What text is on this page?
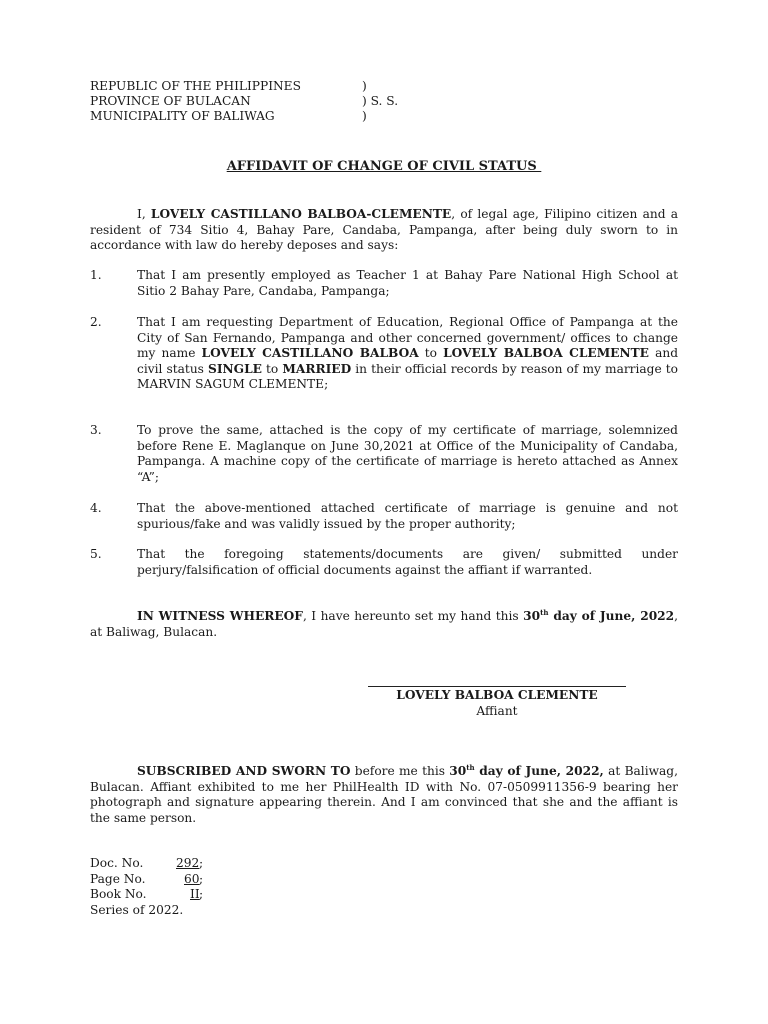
REPUBLIC OF THE PHILIPPINES	)
PROVINCE OF BULACAN	) S. S.
MUNICIPALITY OF BALIWAG	)
AFFIDAVIT OF CHANGE OF CIVIL STATUS
I, LOVELY CASTILLANO BALBOA-CLEMENTE, of legal age, Filipino citizen and a resident of 734 Sitio 4, Bahay Pare, Candaba, Pampanga, after being duly sworn to in accordance with law do hereby deposes and says:
1.	That I am presently employed as Teacher 1 at Bahay Pare National High School at Sitio 2 Bahay Pare, Candaba, Pampanga;
2.	That I am requesting Department of Education, Regional Office of Pampanga at the City of San Fernando, Pampanga and other concerned government/ offices to change my name LOVELY CASTILLANO BALBOA to LOVELY BALBOA CLEMENTE and civil status SINGLE to MARRIED in their official records by reason of my marriage to MARVIN SAGUM CLEMENTE;
3.	To prove the same, attached is the copy of my certificate of marriage, solemnized before Rene E. Maglanque on June 30,2021 at Office of the Municipality of Candaba, Pampanga. A machine copy of the certificate of marriage is hereto attached as Annex “A”;
4.	That the above-mentioned attached certificate of marriage is genuine and not spurious/fake and was validly issued by the proper authority;
5.	That the foregoing statements/documents are given/ submitted under perjury/falsification of official documents against the affiant if warranted.
IN WITNESS WHEREOF, I have hereunto set my hand this 30th day of June, 2022, at Baliwag, Bulacan.
LOVELY BALBOA CLEMENTE
Affiant
SUBSCRIBED AND SWORN TO before me this 30th day of June, 2022, at Baliwag, Bulacan. Affiant exhibited to me her PhilHealth ID with No. 07-0509911356-9 bearing her photograph and signature appearing therein. And I am convinced that she and the affiant is the same person.
Doc. No.	292 ;
Page No.	60 ;
Book No.	II ;
Series of 2022.
